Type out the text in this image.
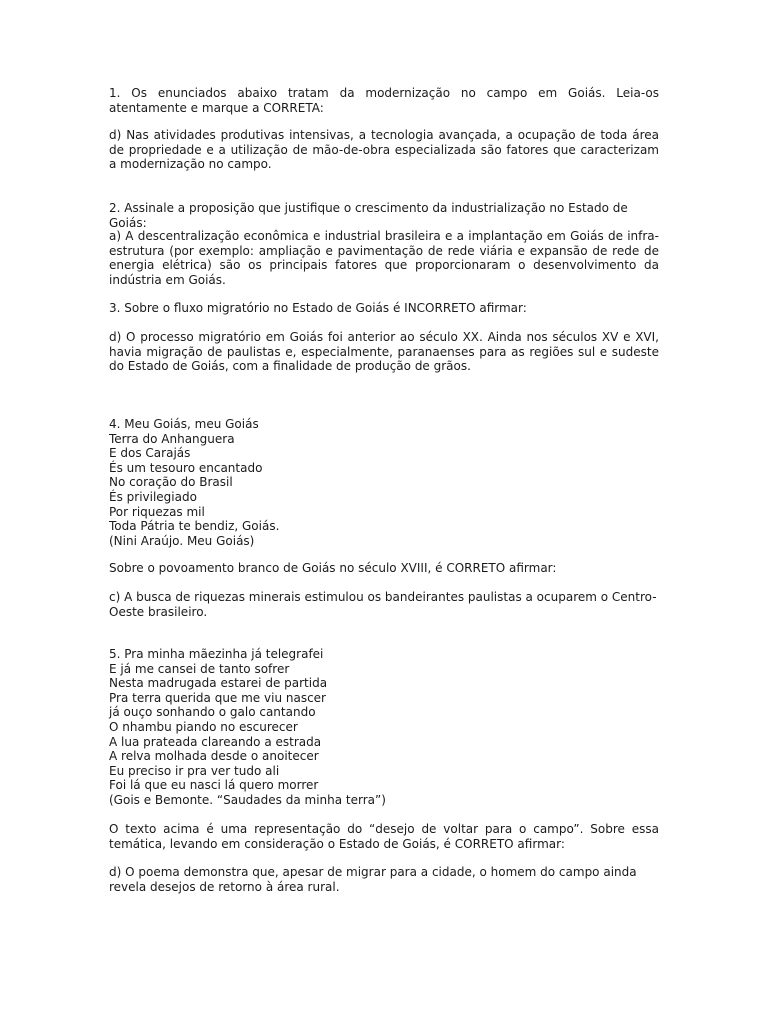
1. Os enunciados abaixo tratam da modernização no campo em Goiás. Leia-os atentamente e marque a CORRETA:

d) Nas atividades produtivas intensivas, a tecnologia avançada, a ocupação de toda área de propriedade e a utilização de mão-de-obra especializada são fatores que caracterizam a modernização no campo.

2. Assinale a proposição que justifique o crescimento da industrialização no Estado de Goiás:

a) A descentralização econômica e industrial brasileira e a implantação em Goiás de infra-estrutura (por exemplo: ampliação e pavimentação de rede viária e expansão de rede de energia elétrica) são os principais fatores que proporcionaram o desenvolvimento da indústria em Goiás.

3. Sobre o fluxo migratório no Estado de Goiás é INCORRETO afirmar:

d) O processo migratório em Goiás foi anterior ao século XX. Ainda nos séculos XV e XVI, havia migração de paulistas e, especialmente, paranaenses para as regiões sul e sudeste do Estado de Goiás, com a finalidade de produção de grãos.

4. Meu Goiás, meu Goiás
Terra do Anhanguera
E dos Carajás
És um tesouro encantado
No coração do Brasil
És privilegiado
Por riquezas mil
Toda Pátria te bendiz, Goiás.
(Nini Araújo. Meu Goiás)

Sobre o povoamento branco de Goiás no século XVIII, é CORRETO afirmar:

c) A busca de riquezas minerais estimulou os bandeirantes paulistas a ocuparem o Centro-Oeste brasileiro.

5. Pra minha mãezinha já telegrafei
E já me cansei de tanto sofrer
Nesta madrugada estarei de partida
Pra terra querida que me viu nascer
já ouço sonhando o galo cantando
O nhambu piando no escurecer
A lua prateada clareando a estrada
A relva molhada desde o anoitecer
Eu preciso ir pra ver tudo ali
Foi lá que eu nasci lá quero morrer
(Gois e Bemonte. “Saudades da minha terra”)

O texto acima é uma representação do “desejo de voltar para o campo”. Sobre essa temática, levando em consideração o Estado de Goiás, é CORRETO afirmar:

d) O poema demonstra que, apesar de migrar para a cidade, o homem do campo ainda revela desejos de retorno à área rural.
